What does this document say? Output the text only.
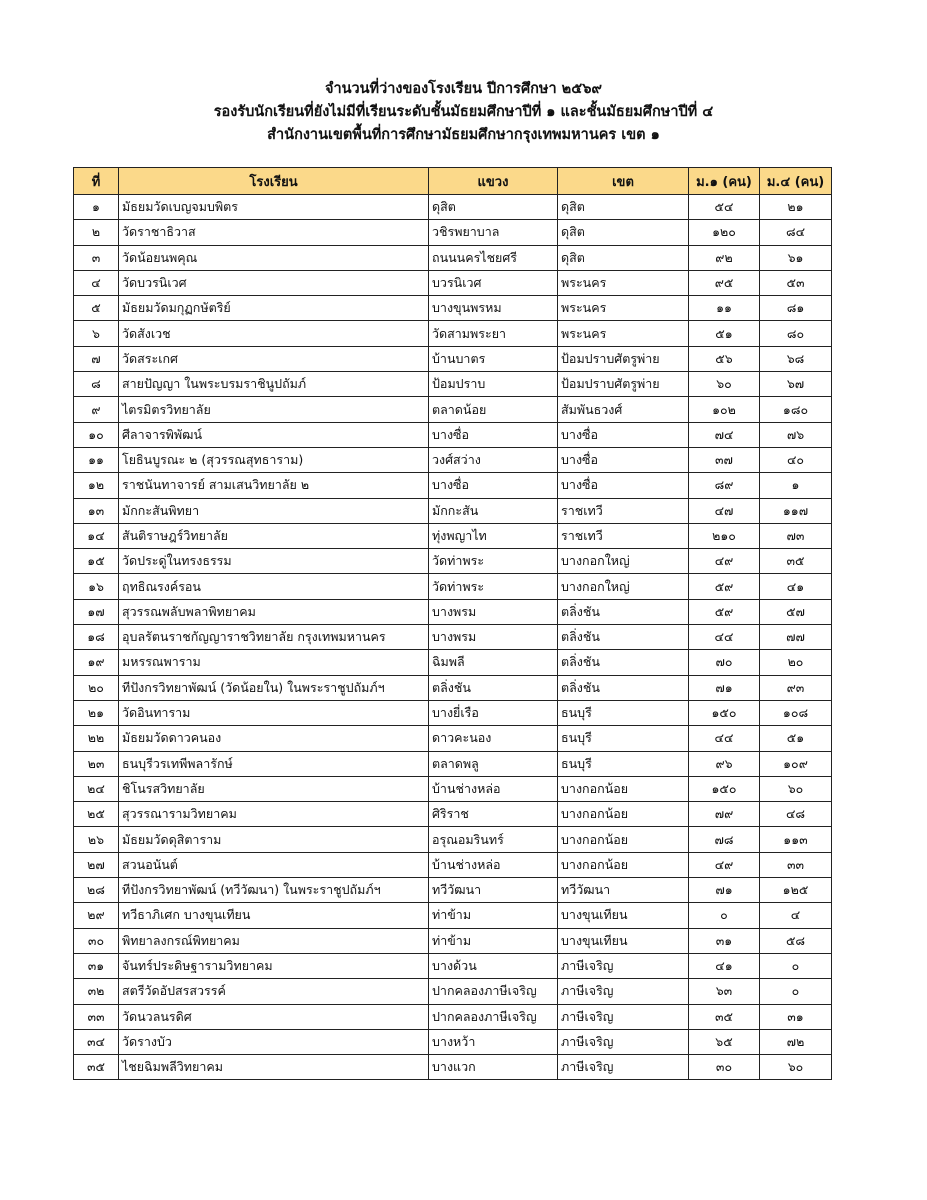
จำนวนที่ว่างของโรงเรียน ปีการศึกษา ๒๕๖๙
รองรับนักเรียนที่ยังไม่มีที่เรียนระดับชั้นมัธยมศึกษาปีที่ ๑ และชั้นมัธยมศึกษาปีที่ ๔
สำนักงานเขตพื้นที่การศึกษามัธยมศึกษากรุงเทพมหานคร เขต ๑
ที่	โรงเรียน	แขวง	เขต	ม.๑ (คน)	ม.๔ (คน)
๑	มัธยมวัดเบญจมบพิตร	ดุสิต	ดุสิต	๕๔	๒๑
๒	วัดราชาธิวาส	วชิรพยาบาล	ดุสิต	๑๒๐	๘๔
๓	วัดน้อยนพคุณ	ถนนนครไชยศรี	ดุสิต	๙๒	๖๑
๔	วัดบวรนิเวศ	บวรนิเวศ	พระนคร	๙๕	๕๓
๕	มัธยมวัดมกุฏกษัตริย์	บางขุนพรหม	พระนคร	๑๑	๘๑
๖	วัดสังเวช	วัดสามพระยา	พระนคร	๕๑	๘๐
๗	วัดสระเกศ	บ้านบาตร	ป้อมปราบศัตรูพ่าย	๕๖	๖๘
๘	สายปัญญา ในพระบรมราชินูปถัมภ์	ป้อมปราบ	ป้อมปราบศัตรูพ่าย	๖๐	๖๗
๙	ไตรมิตรวิทยาลัย	ตลาดน้อย	สัมพันธวงศ์	๑๐๒	๑๘๐
๑๐	ศีลาจารพิพัฒน์	บางซื่อ	บางซื่อ	๗๔	๗๖
๑๑	โยธินบูรณะ ๒ (สุวรรณสุทธาราม)	วงศ์สว่าง	บางซื่อ	๓๗	๔๐
๑๒	ราชนันทาจารย์ สามเสนวิทยาลัย ๒	บางซื่อ	บางซื่อ	๘๙	๑
๑๓	มักกะสันพิทยา	มักกะสัน	ราชเทวี	๔๗	๑๑๗
๑๔	สันติราษฎร์วิทยาลัย	ทุ่งพญาไท	ราชเทวี	๒๑๐	๗๓
๑๕	วัดประดู่ในทรงธรรม	วัดท่าพระ	บางกอกใหญ่	๔๙	๓๕
๑๖	ฤทธิณรงค์รอน	วัดท่าพระ	บางกอกใหญ่	๕๙	๔๑
๑๗	สุวรรณพลับพลาพิทยาคม	บางพรม	ตลิ่งชัน	๕๙	๕๗
๑๘	อุบลรัตนราชกัญญาราชวิทยาลัย กรุงเทพมหานคร	บางพรม	ตลิ่งชัน	๔๔	๗๗
๑๙	มหรรณพาราม	ฉิมพลี	ตลิ่งชัน	๗๐	๒๐
๒๐	ทีปังกรวิทยาพัฒน์ (วัดน้อยใน) ในพระราชูปถัมภ์ฯ	ตลิ่งชัน	ตลิ่งชัน	๗๑	๙๓
๒๑	วัดอินทาราม	บางยี่เรือ	ธนบุรี	๑๕๐	๑๐๘
๒๒	มัธยมวัดดาวคนอง	ดาวคะนอง	ธนบุรี	๔๔	๕๑
๒๓	ธนบุรีวรเทพีพลารักษ์	ตลาดพลู	ธนบุรี	๙๖	๑๐๙
๒๔	ชิโนรสวิทยาลัย	บ้านช่างหล่อ	บางกอกน้อย	๑๕๐	๖๐
๒๕	สุวรรณารามวิทยาคม	ศิริราช	บางกอกน้อย	๗๙	๔๘
๒๖	มัธยมวัดดุสิตาราม	อรุณอมรินทร์	บางกอกน้อย	๗๘	๑๑๓
๒๗	สวนอนันต์	บ้านช่างหล่อ	บางกอกน้อย	๔๙	๓๓
๒๘	ทีปังกรวิทยาพัฒน์ (ทวีวัฒนา) ในพระราชูปถัมภ์ฯ	ทวีวัฒนา	ทวีวัฒนา	๗๑	๑๒๕
๒๙	ทวีธาภิเศก บางขุนเทียน	ท่าข้าม	บางขุนเทียน	๐	๔
๓๐	พิทยาลงกรณ์พิทยาคม	ท่าข้าม	บางขุนเทียน	๓๑	๕๘
๓๑	จันทร์ประดิษฐารามวิทยาคม	บางด้วน	ภาษีเจริญ	๔๑	๐
๓๒	สตรีวัดอัปสรสวรรค์	ปากคลองภาษีเจริญ	ภาษีเจริญ	๖๓	๐
๓๓	วัดนวลนรดิศ	ปากคลองภาษีเจริญ	ภาษีเจริญ	๓๕	๓๑
๓๔	วัดรางบัว	บางหว้า	ภาษีเจริญ	๖๕	๗๒
๓๕	ไชยฉิมพลีวิทยาคม	บางแวก	ภาษีเจริญ	๓๐	๖๐
